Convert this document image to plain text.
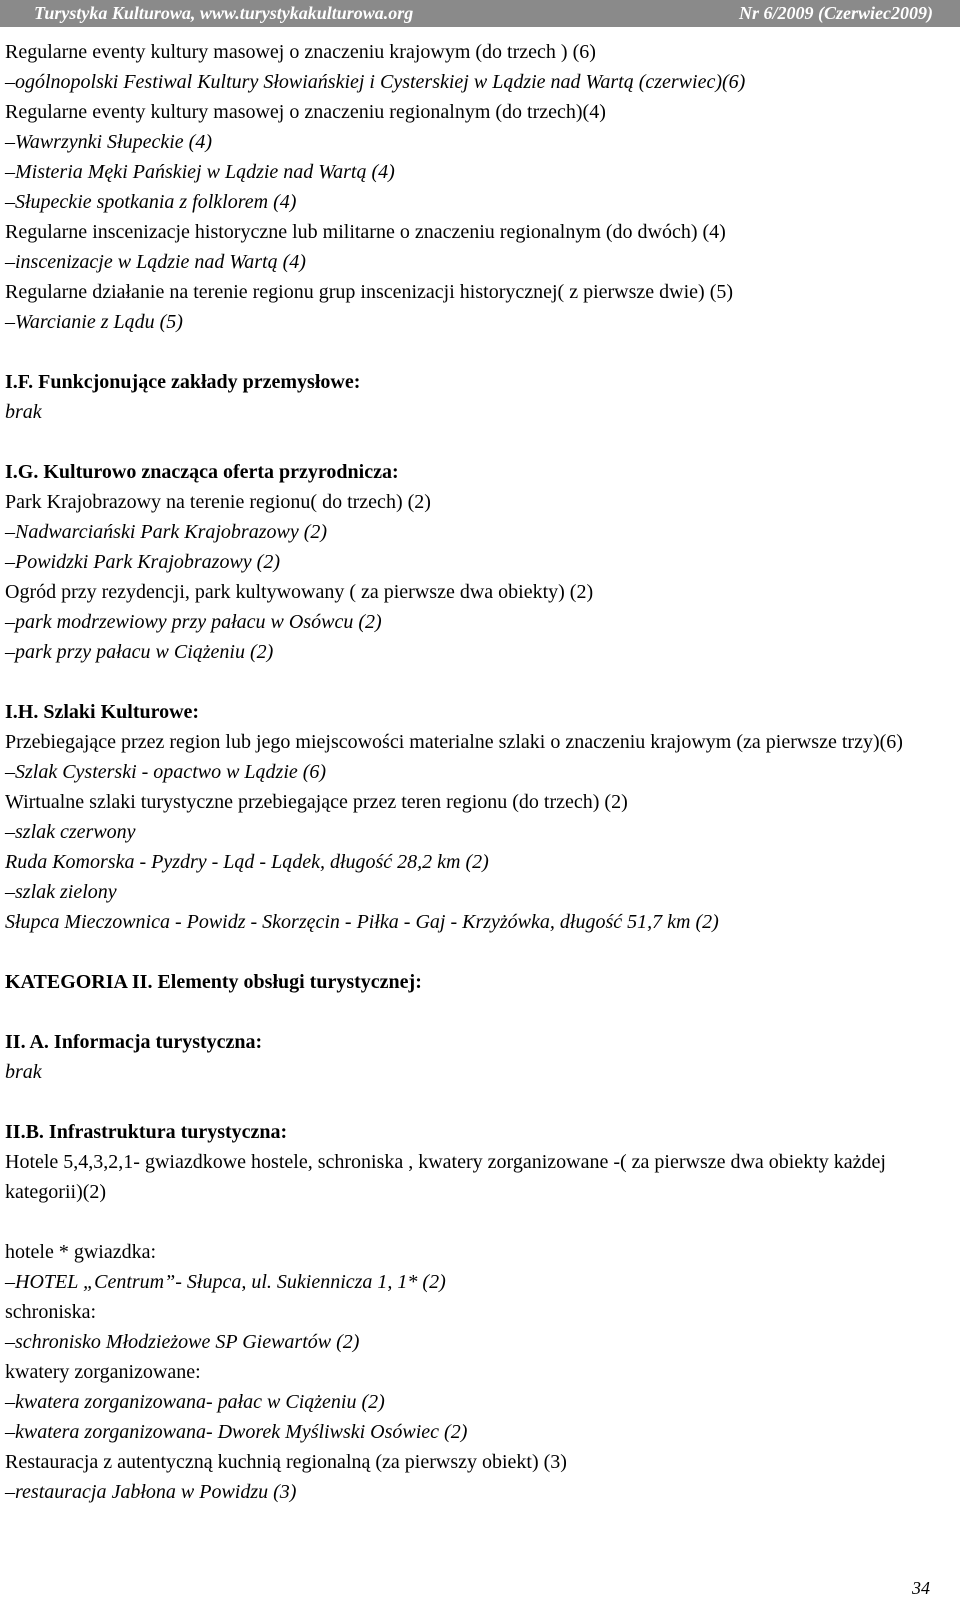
Turystyka Kulturowa, www.turystykakulturowa.org	Nr 6/2009 (Czerwiec2009)
Regularne eventy kultury masowej o znaczeniu krajowym (do trzech ) (6)
– ogólnopolski Festiwal Kultury Słowiańskiej i Cysterskiej w Lądzie nad Wartą (czerwiec)(6)
Regularne eventy kultury masowej o znaczeniu regionalnym (do trzech)(4)
– Wawrzynki Słupeckie (4)
– Misteria Męki Pańskiej w Lądzie nad Wartą (4)
– Słupeckie spotkania z folklorem (4)
Regularne inscenizacje historyczne lub militarne o znaczeniu regionalnym (do dwóch) (4)
– inscenizacje w Lądzie nad Wartą (4)
Regularne działanie na terenie regionu grup inscenizacji historycznej( z pierwsze dwie) (5)
– Warcianie z Lądu (5)
I.F. Funkcjonujące zakłady przemysłowe:
brak
I.G. Kulturowo znacząca oferta przyrodnicza:
Park Krajobrazowy na terenie regionu( do trzech) (2)
– Nadwarciański Park Krajobrazowy (2)
– Powidzki Park Krajobrazowy (2)
Ogród przy rezydencji, park kultywowany ( za pierwsze dwa obiekty) (2)
– park modrzewiowy przy pałacu w Osówcu (2)
– park przy pałacu w Ciążeniu (2)
I.H. Szlaki Kulturowe:
Przebiegające przez region lub jego miejscowości materialne szlaki o znaczeniu krajowym (za pierwsze trzy)(6)
– Szlak Cysterski - opactwo w Lądzie (6)
Wirtualne szlaki turystyczne przebiegające przez teren regionu (do trzech) (2)
– szlak czerwony
Ruda Komorska - Pyzdry - Ląd - Lądek, długość 28,2 km (2)
– szlak zielony
Słupca Mieczownica - Powidz - Skorzęcin - Piłka - Gaj - Krzyżówka, długość 51,7 km (2)
KATEGORIA II. Elementy obsługi turystycznej:
II. A. Informacja turystyczna:
brak
II.B. Infrastruktura turystyczna:
Hotele 5,4,3,2,1- gwiazdkowe hostele, schroniska , kwatery zorganizowane -( za pierwsze dwa obiekty każdej kategorii)(2)
hotele * gwiazdka:
– HOTEL „Centrum”- Słupca, ul. Sukiennicza 1, 1* (2)
schroniska:
– schronisko Młodzieżowe SP Giewartów (2)
kwatery zorganizowane:
– kwatera zorganizowana- pałac w Ciążeniu (2)
– kwatera zorganizowana- Dworek Myśliwski Osówiec (2)
Restauracja z autentyczną kuchnią regionalną (za pierwszy obiekt) (3)
– restauracja Jabłona w Powidzu (3)
34
